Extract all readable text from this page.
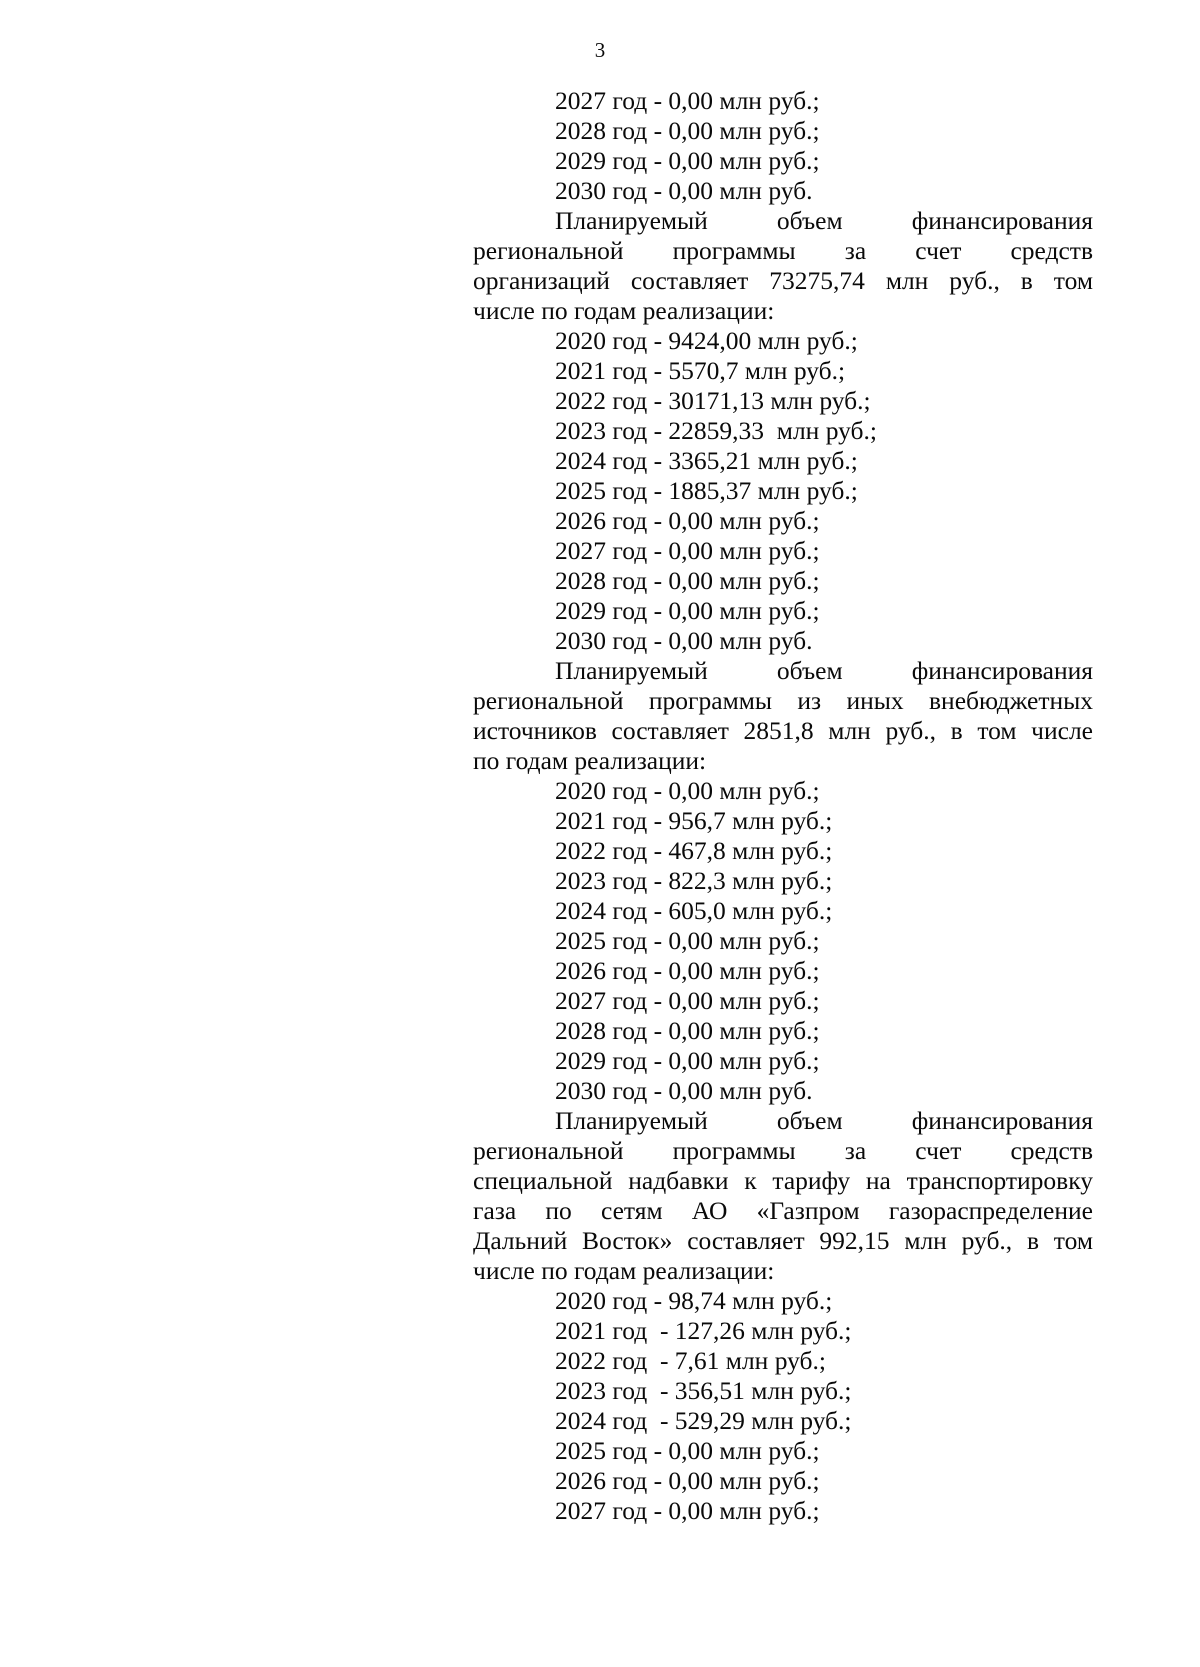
3
2027 год - 0,00 млн руб.;
2028 год - 0,00 млн руб.;
2029 год - 0,00 млн руб.;
2030 год - 0,00 млн руб.
Планируемый объем финансирования
региональной программы за счет средств
организаций составляет 73275,74 млн руб., в том
числе по годам реализации:
2020 год - 9424,00 млн руб.;
2021 год - 5570,7 млн руб.;
2022 год - 30171,13 млн руб.;
2023 год - 22859,33  млн руб.;
2024 год - 3365,21 млн руб.;
2025 год - 1885,37 млн руб.;
2026 год - 0,00 млн руб.;
2027 год - 0,00 млн руб.;
2028 год - 0,00 млн руб.;
2029 год - 0,00 млн руб.;
2030 год - 0,00 млн руб.
Планируемый объем финансирования
региональной программы из иных внебюджетных
источников составляет 2851,8 млн руб., в том числе
по годам реализации:
2020 год - 0,00 млн руб.;
2021 год - 956,7 млн руб.;
2022 год - 467,8 млн руб.;
2023 год - 822,3 млн руб.;
2024 год - 605,0 млн руб.;
2025 год - 0,00 млн руб.;
2026 год - 0,00 млн руб.;
2027 год - 0,00 млн руб.;
2028 год - 0,00 млн руб.;
2029 год - 0,00 млн руб.;
2030 год - 0,00 млн руб.
Планируемый объем финансирования
региональной программы за счет средств
специальной надбавки к тарифу на транспортировку
газа по сетям АО «Газпром газораспределение
Дальний Восток» составляет 992,15 млн руб., в том
числе по годам реализации:
2020 год - 98,74 млн руб.;
2021 год  - 127,26 млн руб.;
2022 год  - 7,61 млн руб.;
2023 год  - 356,51 млн руб.;
2024 год  - 529,29 млн руб.;
2025 год - 0,00 млн руб.;
2026 год - 0,00 млн руб.;
2027 год - 0,00 млн руб.;
